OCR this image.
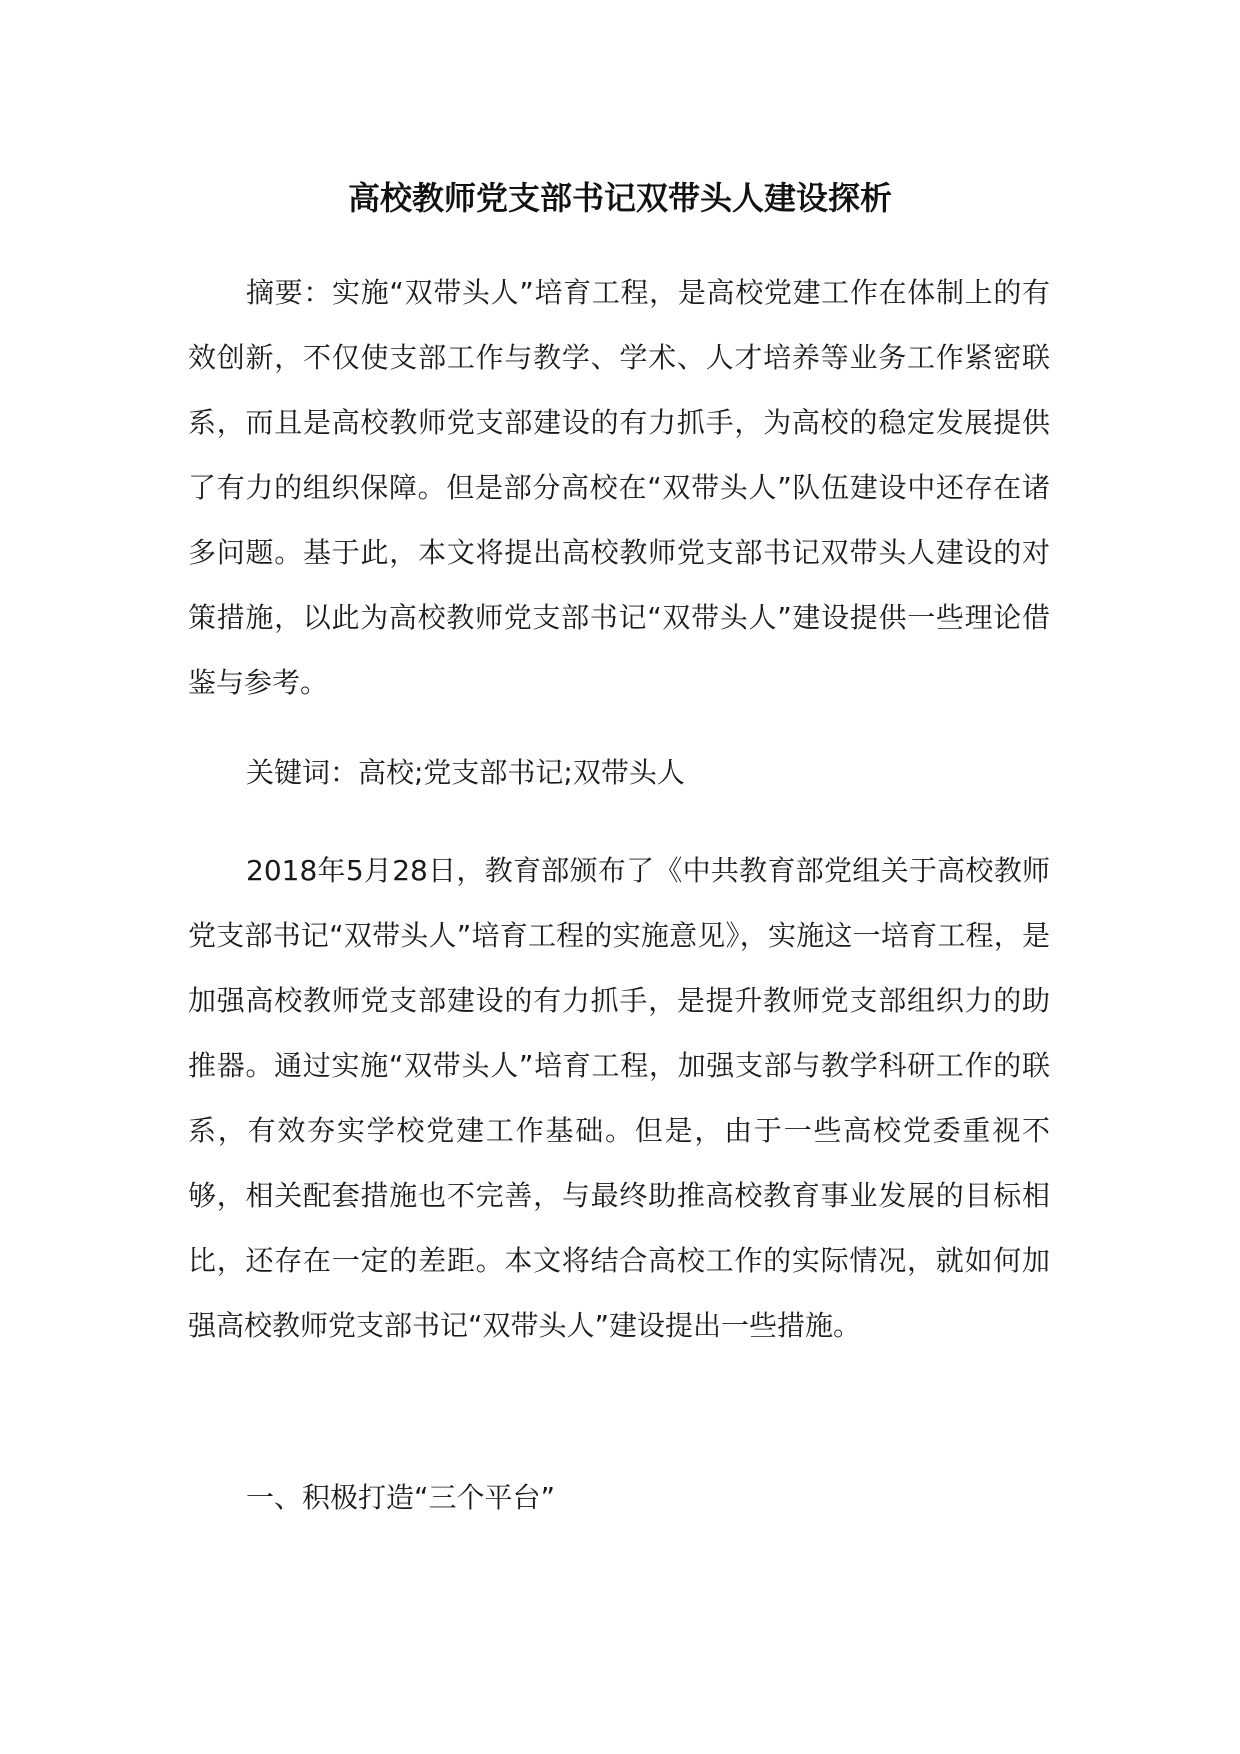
高校教师党支部书记双带头人建设探析

摘要：实施“双带头人”培育工程，是高校党建工作在体制上的有效创新，不仅使支部工作与教学、学术、人才培养等业务工作紧密联系，而且是高校教师党支部建设的有力抓手，为高校的稳定发展提供了有力的组织保障。但是部分高校在“双带头人”队伍建设中还存在诸多问题。基于此，本文将提出高校教师党支部书记双带头人建设的对策措施，以此为高校教师党支部书记“双带头人”建设提供一些理论借鉴与参考。

关键词：高校;党支部书记;双带头人

2018年5月28日，教育部颁布了《中共教育部党组关于高校教师党支部书记“双带头人”培育工程的实施意见》，实施这一培育工程，是加强高校教师党支部建设的有力抓手，是提升教师党支部组织力的助推器。通过实施“双带头人”培育工程，加强支部与教学科研工作的联系，有效夯实学校党建工作基础。但是，由于一些高校党委重视不够，相关配套措施也不完善，与最终助推高校教育事业发展的目标相比，还存在一定的差距。本文将结合高校工作的实际情况，就如何加强高校教师党支部书记“双带头人”建设提出一些措施。

一、积极打造“三个平台”
